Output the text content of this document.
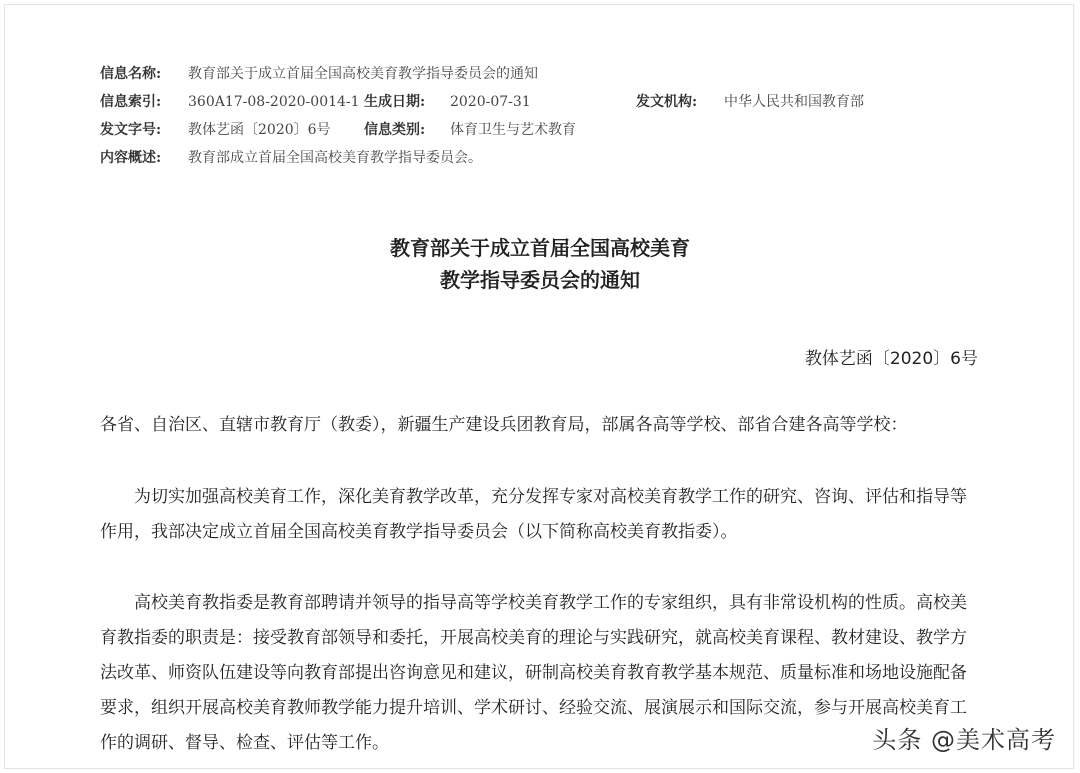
信息名称: 教育部关于成立首届全国高校美育教学指导委员会的通知
信息索引: 360A17-08-2020-0014-1 生成日期: 2020-07-31	发文机构: 中华人民共和国教育部
发文字号: 教体艺函〔2020〕6号 信息类别: 体育卫生与艺术教育
内容概述: 教育部成立首届全国高校美育教学指导委员会。
教育部关于成立首届全国高校美育
教学指导委员会的通知
教体艺函〔2020〕6号

各省、自治区、直辖市教育厅（教委），新疆生产建设兵团教育局，部属各高等学校、部省合建各高等学校：

为切实加强高校美育工作，深化美育教学改革，充分发挥专家对高校美育教学工作的研究、咨询、评估和指导等作用，我部决定成立首届全国高校美育教学指导委员会（以下简称高校美育教指委）。

高校美育教指委是教育部聘请并领导的指导高等学校美育教学工作的专家组织，具有非常设机构的性质。高校美育教指委的职责是：接受教育部领导和委托，开展高校美育的理论与实践研究，就高校美育课程、教材建设、教学方法改革、师资队伍建设等向教育部提出咨询意见和建议，研制高校美育教育教学基本规范、质量标准和场地设施配备要求，组织开展高校美育教师教学能力提升培训、学术研讨、经验交流、展演展示和国际交流，参与开展高校美育工作的调研、督导、检查、评估等工作。	头条 @美术高考
